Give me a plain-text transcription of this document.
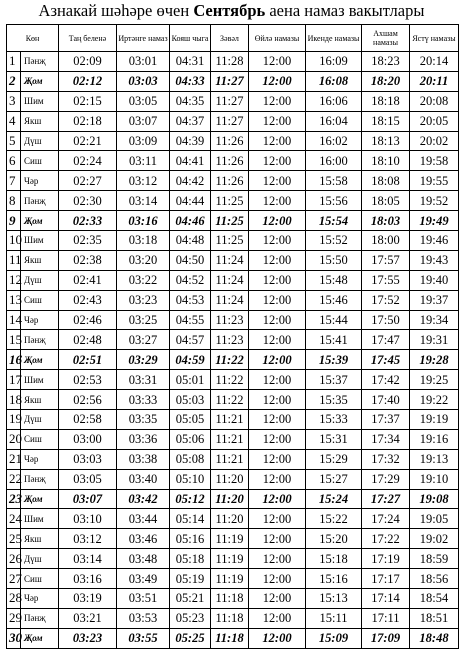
Азнакай шәһәре өчен Сентябрь аена намаз вакытлары
Көн		Таң беленә	Иртәнге намаз	Кояш чыга	Зәвәл	Өйлә намазы	Икенде намазы	Ахшам намазы	Ястү намазы
1	Пәнҗ	02:09	03:01	04:31	11:28	12:00	16:09	18:23	20:14
2	Җом	02:12	03:03	04:33	11:27	12:00	16:08	18:20	20:11
3	Шим	02:15	03:05	04:35	11:27	12:00	16:06	18:18	20:08
4	Якш	02:18	03:07	04:37	11:27	12:00	16:04	18:15	20:05
5	Дүш	02:21	03:09	04:39	11:26	12:00	16:02	18:13	20:02
6	Сиш	02:24	03:11	04:41	11:26	12:00	16:00	18:10	19:58
7	Чәр	02:27	03:12	04:42	11:26	12:00	15:58	18:08	19:55
8	Пәнҗ	02:30	03:14	04:44	11:25	12:00	15:56	18:05	19:52
9	Җом	02:33	03:16	04:46	11:25	12:00	15:54	18:03	19:49
10	Шим	02:35	03:18	04:48	11:25	12:00	15:52	18:00	19:46
11	Якш	02:38	03:20	04:50	11:24	12:00	15:50	17:57	19:43
12	Дүш	02:41	03:22	04:52	11:24	12:00	15:48	17:55	19:40
13	Сиш	02:43	03:23	04:53	11:24	12:00	15:46	17:52	19:37
14	Чәр	02:46	03:25	04:55	11:23	12:00	15:44	17:50	19:34
15	Пәнҗ	02:48	03:27	04:57	11:23	12:00	15:41	17:47	19:31
16	Җом	02:51	03:29	04:59	11:22	12:00	15:39	17:45	19:28
17	Шим	02:53	03:31	05:01	11:22	12:00	15:37	17:42	19:25
18	Якш	02:56	03:33	05:03	11:22	12:00	15:35	17:40	19:22
19	Дүш	02:58	03:35	05:05	11:21	12:00	15:33	17:37	19:19
20	Сиш	03:00	03:36	05:06	11:21	12:00	15:31	17:34	19:16
21	Чәр	03:03	03:38	05:08	11:21	12:00	15:29	17:32	19:13
22	Пәнҗ	03:05	03:40	05:10	11:20	12:00	15:27	17:29	19:10
23	Җом	03:07	03:42	05:12	11:20	12:00	15:24	17:27	19:08
24	Шим	03:10	03:44	05:14	11:20	12:00	15:22	17:24	19:05
25	Якш	03:12	03:46	05:16	11:19	12:00	15:20	17:22	19:02
26	Дүш	03:14	03:48	05:18	11:19	12:00	15:18	17:19	18:59
27	Сиш	03:16	03:49	05:19	11:19	12:00	15:16	17:17	18:56
28	Чәр	03:19	03:51	05:21	11:18	12:00	15:13	17:14	18:54
29	Пәнҗ	03:21	03:53	05:23	11:18	12:00	15:11	17:11	18:51
30	Җом	03:23	03:55	05:25	11:18	12:00	15:09	17:09	18:48
